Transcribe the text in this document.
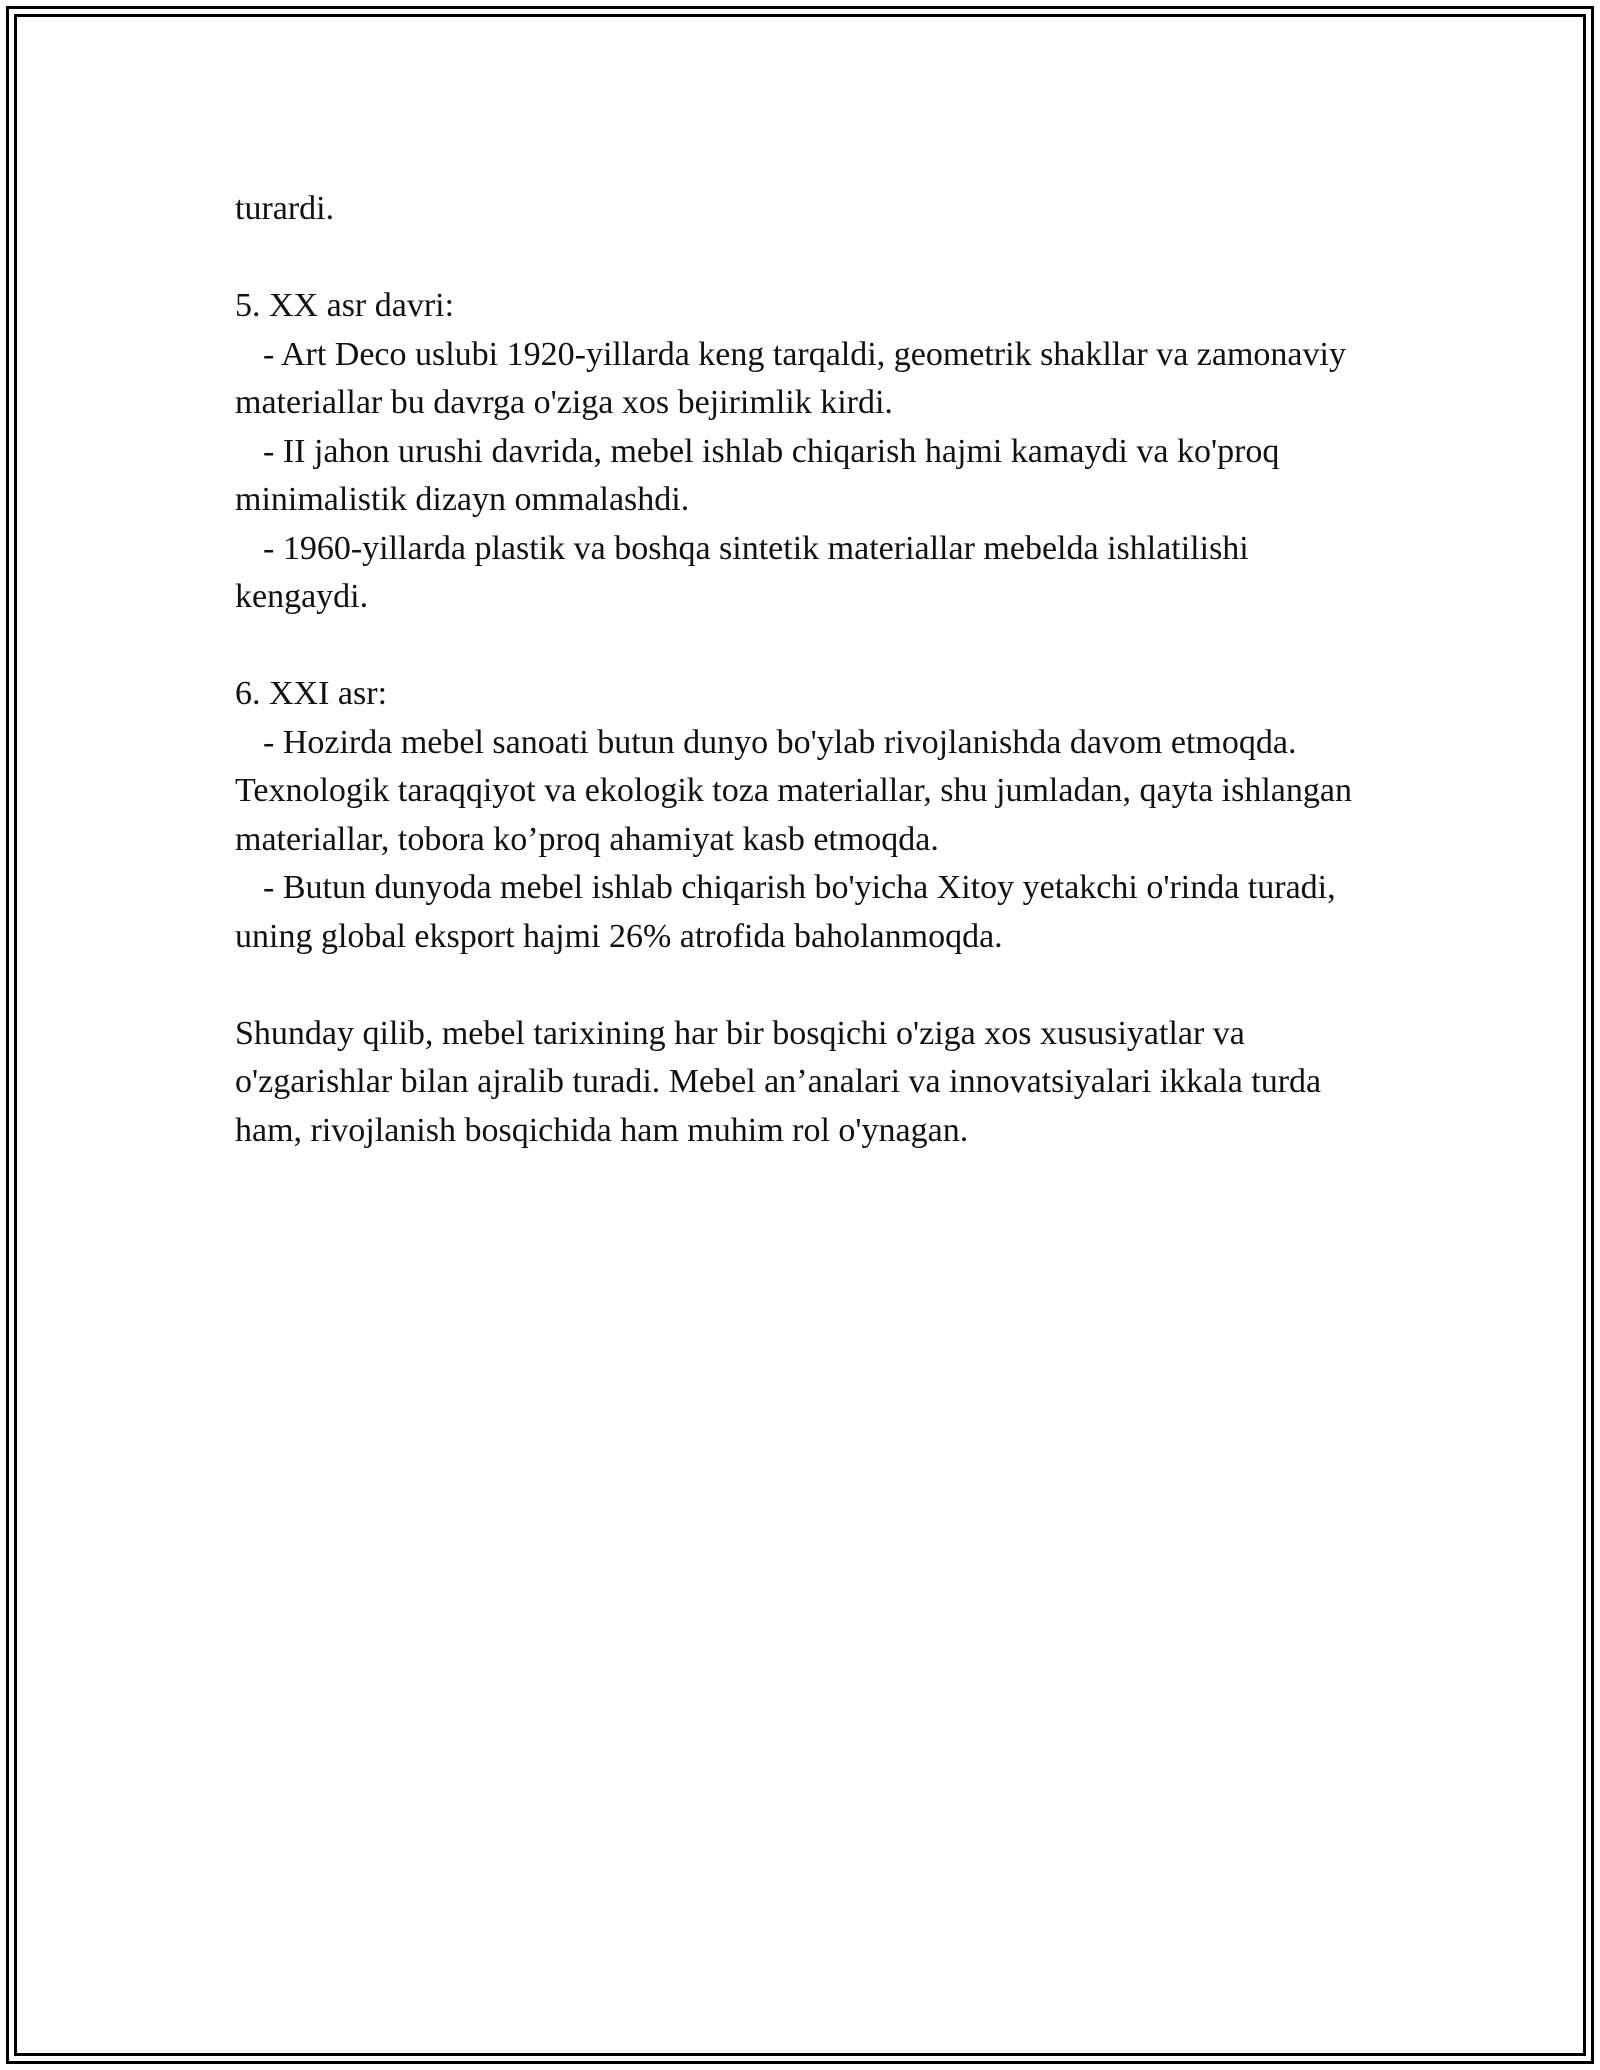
turardi.

5. XX asr davri:
- Art Deco uslubi 1920-yillarda keng tarqaldi, geometrik shakllar va zamonaviy materiallar bu davrga o'ziga xos bejirimlik kirdi.
- II jahon urushi davrida, mebel ishlab chiqarish hajmi kamaydi va ko'proq minimalistik dizayn ommalashdi.
- 1960-yillarda plastik va boshqa sintetik materiallar mebelda ishlatilishi kengaydi.
6. XXI asr:
- Hozirda mebel sanoati butun dunyo bo'ylab rivojlanishda davom etmoqda. Texnologik taraqqiyot va ekologik toza materiallar, shu jumladan, qayta ishlangan materiallar, tobora ko’proq ahamiyat kasb etmoqda.
- Butun dunyoda mebel ishlab chiqarish bo'yicha Xitoy yetakchi o'rinda turadi, uning global eksport hajmi 26% atrofida baholanmoqda.

Shunday qilib, mebel tarixining har bir bosqichi o'ziga xos xususiyatlar va o'zgarishlar bilan ajralib turadi. Mebel an’analari va innovatsiyalari ikkala turda ham, rivojlanish bosqichida ham muhim rol o'ynagan.
